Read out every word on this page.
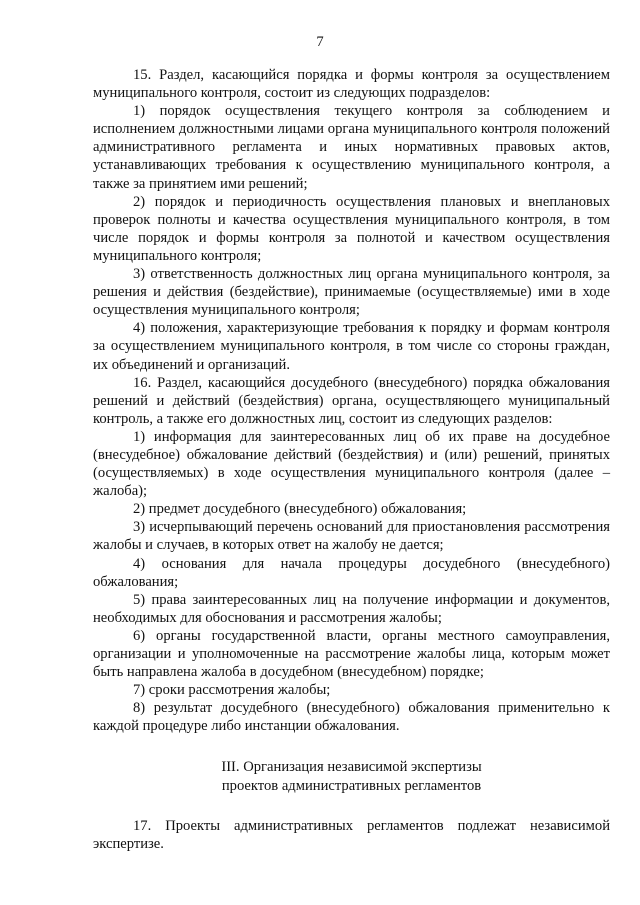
7

15. Раздел, касающийся порядка и формы контроля за осуществлением муниципального контроля, состоит из следующих подразделов:

1) порядок осуществления текущего контроля за соблюдением и исполнением должностными лицами органа муниципального контроля положений административного регламента и иных нормативных правовых актов, устанавливающих требования к осуществлению муниципального контроля, а также за принятием ими решений;

2) порядок и периодичность осуществления плановых и внеплановых проверок полноты и качества осуществления муниципального контроля, в том числе порядок и формы контроля за полнотой и качеством осуществления муниципального контроля;

3) ответственность должностных лиц органа муниципального контроля, за решения и действия (бездействие), принимаемые (осуществляемые) ими в ходе осуществления муниципального контроля;

4) положения, характеризующие требования к порядку и формам контроля за осуществлением муниципального контроля, в том числе со стороны граждан, их объединений и организаций.

16. Раздел, касающийся досудебного (внесудебного) порядка обжалования решений и действий (бездействия) органа, осуществляющего муниципальный контроль, а также его должностных лиц, состоит из следующих разделов:

1) информация для заинтересованных лиц об их праве на досудебное (внесудебное) обжалование действий (бездействия) и (или) решений, принятых (осуществляемых) в ходе осуществления муниципального контроля (далее – жалоба);

2) предмет досудебного (внесудебного) обжалования;

3) исчерпывающий перечень оснований для приостановления рассмотрения жалобы и случаев, в которых ответ на жалобу не дается;

4) основания для начала процедуры досудебного (внесудебного) обжалования;

5) права заинтересованных лиц на получение информации и документов, необходимых для обоснования и рассмотрения жалобы;

6) органы государственной власти, органы местного самоуправления, организации и уполномоченные на рассмотрение жалобы лица, которым может быть направлена жалоба в досудебном (внесудебном) порядке;

7) сроки рассмотрения жалобы;

8) результат досудебного (внесудебного) обжалования применительно к каждой процедуре либо инстанции обжалования.

III. Организация независимой экспертизы

проектов административных регламентов

17. Проекты административных регламентов подлежат независимой экспертизе.
